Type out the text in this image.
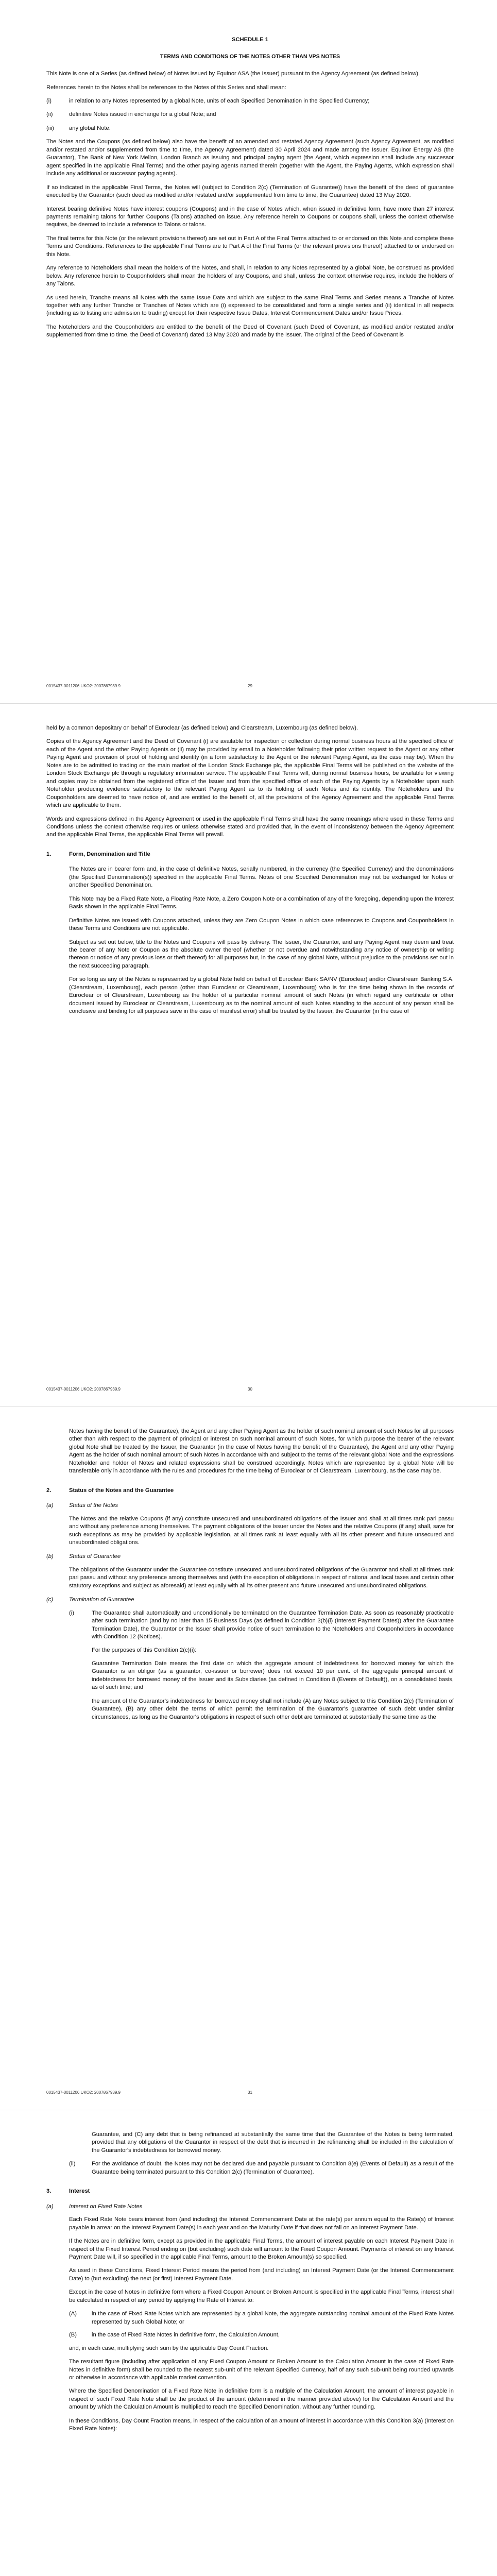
SCHEDULE 1

TERMS AND CONDITIONS OF THE NOTES OTHER THAN VPS NOTES

This Note is one of a Series (as defined below) of Notes issued by Equinor ASA (the Issuer) pursuant to the Agency Agreement (as defined below).

References herein to the Notes shall be references to the Notes of this Series and shall mean:

(i)	in relation to any Notes represented by a global Note, units of each Specified Denomination in the Specified Currency;
(ii)	definitive Notes issued in exchange for a global Note; and
(iii)	any global Note.

The Notes and the Coupons (as defined below) also have the benefit of an amended and restated Agency Agreement (such Agency Agreement, as modified and/or restated and/or supplemented from time to time, the Agency Agreement) dated 30 April 2024 and made among the Issuer, Equinor Energy AS (the Guarantor), The Bank of New York Mellon, London Branch as issuing and principal paying agent (the Agent, which expression shall include any successor agent specified in the applicable Final Terms) and the other paying agents named therein (together with the Agent, the Paying Agents, which expression shall include any additional or successor paying agents).

If so indicated in the applicable Final Terms, the Notes will (subject to Condition 2(c) (Termination of Guarantee)) have the benefit of the deed of guarantee executed by the Guarantor (such deed as modified and/or restated and/or supplemented from time to time, the Guarantee) dated 13 May 2020.

Interest bearing definitive Notes have interest coupons (Coupons) and in the case of Notes which, when issued in definitive form, have more than 27 interest payments remaining talons for further Coupons (Talons) attached on issue. Any reference herein to Coupons or coupons shall, unless the context otherwise requires, be deemed to include a reference to Talons or talons.

The final terms for this Note (or the relevant provisions thereof) are set out in Part A of the Final Terms attached to or endorsed on this Note and complete these Terms and Conditions. References to the applicable Final Terms are to Part A of the Final Terms (or the relevant provisions thereof) attached to or endorsed on this Note.

Any reference to Noteholders shall mean the holders of the Notes, and shall, in relation to any Notes represented by a global Note, be construed as provided below. Any reference herein to Couponholders shall mean the holders of any Coupons, and shall, unless the context otherwise requires, include the holders of any Talons.

As used herein, Tranche means all Notes with the same Issue Date and which are subject to the same Final Terms and Series means a Tranche of Notes together with any further Tranche or Tranches of Notes which are (i) expressed to be consolidated and form a single series and (ii) identical in all respects (including as to listing and admission to trading) except for their respective Issue Dates, Interest Commencement Dates and/or Issue Prices.

The Noteholders and the Couponholders are entitled to the benefit of the Deed of Covenant (such Deed of Covenant, as modified and/or restated and/or supplemented from time to time, the Deed of Covenant) dated 13 May 2020 and made by the Issuer. The original of the Deed of Covenant is

0015437-0011206 UKO2: 2007867939.9	29

held by a common depositary on behalf of Euroclear (as defined below) and Clearstream, Luxembourg (as defined below).

Copies of the Agency Agreement and the Deed of Covenant (i) are available for inspection or collection during normal business hours at the specified office of each of the Agent and the other Paying Agents or (ii) may be provided by email to a Noteholder following their prior written request to the Agent or any other Paying Agent and provision of proof of holding and identity (in a form satisfactory to the Agent or the relevant Paying Agent, as the case may be). When the Notes are to be admitted to trading on the main market of the London Stock Exchange plc, the applicable Final Terms will be published on the website of the London Stock Exchange plc through a regulatory information service. The applicable Final Terms will, during normal business hours, be available for viewing and copies may be obtained from the registered office of the Issuer and from the specified office of each of the Paying Agents by a Noteholder upon such Noteholder producing evidence satisfactory to the relevant Paying Agent as to its holding of such Notes and its identity. The Noteholders and the Couponholders are deemed to have notice of, and are entitled to the benefit of, all the provisions of the Agency Agreement and the applicable Final Terms which are applicable to them.

Words and expressions defined in the Agency Agreement or used in the applicable Final Terms shall have the same meanings where used in these Terms and Conditions unless the context otherwise requires or unless otherwise stated and provided that, in the event of inconsistency between the Agency Agreement and the applicable Final Terms, the applicable Final Terms will prevail.

1.	Form, Denomination and Title

The Notes are in bearer form and, in the case of definitive Notes, serially numbered, in the currency (the Specified Currency) and the denominations (the Specified Denomination(s)) specified in the applicable Final Terms. Notes of one Specified Denomination may not be exchanged for Notes of another Specified Denomination.

This Note may be a Fixed Rate Note, a Floating Rate Note, a Zero Coupon Note or a combination of any of the foregoing, depending upon the Interest Basis shown in the applicable Final Terms.

Definitive Notes are issued with Coupons attached, unless they are Zero Coupon Notes in which case references to Coupons and Couponholders in these Terms and Conditions are not applicable.

Subject as set out below, title to the Notes and Coupons will pass by delivery. The Issuer, the Guarantor, and any Paying Agent may deem and treat the bearer of any Note or Coupon as the absolute owner thereof (whether or not overdue and notwithstanding any notice of ownership or writing thereon or notice of any previous loss or theft thereof) for all purposes but, in the case of any global Note, without prejudice to the provisions set out in the next succeeding paragraph.

For so long as any of the Notes is represented by a global Note held on behalf of Euroclear Bank SA/NV (Euroclear) and/or Clearstream Banking S.A. (Clearstream, Luxembourg), each person (other than Euroclear or Clearstream, Luxembourg) who is for the time being shown in the records of Euroclear or of Clearstream, Luxembourg as the holder of a particular nominal amount of such Notes (in which regard any certificate or other document issued by Euroclear or Clearstream, Luxembourg as to the nominal amount of such Notes standing to the account of any person shall be conclusive and binding for all purposes save in the case of manifest error) shall be treated by the Issuer, the Guarantor (in the case of

0015437-0011206 UKO2: 2007867939.9	30

Notes having the benefit of the Guarantee), the Agent and any other Paying Agent as the holder of such nominal amount of such Notes for all purposes other than with respect to the payment of principal or interest on such nominal amount of such Notes, for which purpose the bearer of the relevant global Note shall be treated by the Issuer, the Guarantor (in the case of Notes having the benefit of the Guarantee), the Agent and any other Paying Agent as the holder of such nominal amount of such Notes in accordance with and subject to the terms of the relevant global Note and the expressions Noteholder and holder of Notes and related expressions shall be construed accordingly. Notes which are represented by a global Note will be transferable only in accordance with the rules and procedures for the time being of Euroclear or of Clearstream, Luxembourg, as the case may be.

2.	Status of the Notes and the Guarantee
(a)	Status of the Notes

The Notes and the relative Coupons (if any) constitute unsecured and unsubordinated obligations of the Issuer and shall at all times rank pari passu and without any preference among themselves. The payment obligations of the Issuer under the Notes and the relative Coupons (if any) shall, save for such exceptions as may be provided by applicable legislation, at all times rank at least equally with all its other present and future unsecured and unsubordinated obligations.

(b)	Status of Guarantee

The obligations of the Guarantor under the Guarantee constitute unsecured and unsubordinated obligations of the Guarantor and shall at all times rank pari passu and without any preference among themselves and (with the exception of obligations in respect of national and local taxes and certain other statutory exceptions and subject as aforesaid) at least equally with all its other present and future unsecured and unsubordinated obligations.

(c)	Termination of Guarantee
(i)	The Guarantee shall automatically and unconditionally be terminated on the Guarantee Termination Date. As soon as reasonably practicable after such termination (and by no later than 15 Business Days (as defined in Condition 3(b)(i) (Interest Payment Dates)) after the Guarantee Termination Date), the Guarantor or the Issuer shall provide notice of such termination to the Noteholders and Couponholders in accordance with Condition 12 (Notices).

For the purposes of this Condition 2(c)(i):

Guarantee Termination Date means the first date on which the aggregate amount of indebtedness for borrowed money for which the Guarantor is an obligor (as a guarantor, co-issuer or borrower) does not exceed 10 per cent. of the aggregate principal amount of indebtedness for borrowed money of the Issuer and its Subsidiaries (as defined in Condition 8 (Events of Default)), on a consolidated basis, as of such time; and

the amount of the Guarantor's indebtedness for borrowed money shall not include (A) any Notes subject to this Condition 2(c) (Termination of Guarantee), (B) any other debt the terms of which permit the termination of the Guarantor's guarantee of such debt under similar circumstances, as long as the Guarantor's obligations in respect of such other debt are terminated at substantially the same time as the

0015437-0011206 UKO2: 2007867939.9	31

Guarantee, and (C) any debt that is being refinanced at substantially the same time that the Guarantee of the Notes is being terminated, provided that any obligations of the Guarantor in respect of the debt that is incurred in the refinancing shall be included in the calculation of the Guarantor's indebtedness for borrowed money.

(ii)	For the avoidance of doubt, the Notes may not be declared due and payable pursuant to Condition 8(e) (Events of Default) as a result of the Guarantee being terminated pursuant to this Condition 2(c) (Termination of Guarantee).
3.	Interest
(a)	Interest on Fixed Rate Notes

Each Fixed Rate Note bears interest from (and including) the Interest Commencement Date at the rate(s) per annum equal to the Rate(s) of Interest payable in arrear on the Interest Payment Date(s) in each year and on the Maturity Date if that does not fall on an Interest Payment Date.

If the Notes are in definitive form, except as provided in the applicable Final Terms, the amount of interest payable on each Interest Payment Date in respect of the Fixed Interest Period ending on (but excluding) such date will amount to the Fixed Coupon Amount. Payments of interest on any Interest Payment Date will, if so specified in the applicable Final Terms, amount to the Broken Amount(s) so specified.

As used in these Conditions, Fixed Interest Period means the period from (and including) an Interest Payment Date (or the Interest Commencement Date) to (but excluding) the next (or first) Interest Payment Date.

Except in the case of Notes in definitive form where a Fixed Coupon Amount or Broken Amount is specified in the applicable Final Terms, interest shall be calculated in respect of any period by applying the Rate of Interest to:

(A)	in the case of Fixed Rate Notes which are represented by a global Note, the aggregate outstanding nominal amount of the Fixed Rate Notes represented by such Global Note; or
(B)	in the case of Fixed Rate Notes in definitive form, the Calculation Amount,

and, in each case, multiplying such sum by the applicable Day Count Fraction.

The resultant figure (including after application of any Fixed Coupon Amount or Broken Amount to the Calculation Amount in the case of Fixed Rate Notes in definitive form) shall be rounded to the nearest sub-unit of the relevant Specified Currency, half of any such sub-unit being rounded upwards or otherwise in accordance with applicable market convention.

Where the Specified Denomination of a Fixed Rate Note in definitive form is a multiple of the Calculation Amount, the amount of interest payable in respect of such Fixed Rate Note shall be the product of the amount (determined in the manner provided above) for the Calculation Amount and the amount by which the Calculation Amount is multiplied to reach the Specified Denomination, without any further rounding.

In these Conditions, Day Count Fraction means, in respect of the calculation of an amount of interest in accordance with this Condition 3(a) (Interest on Fixed Rate Notes):
